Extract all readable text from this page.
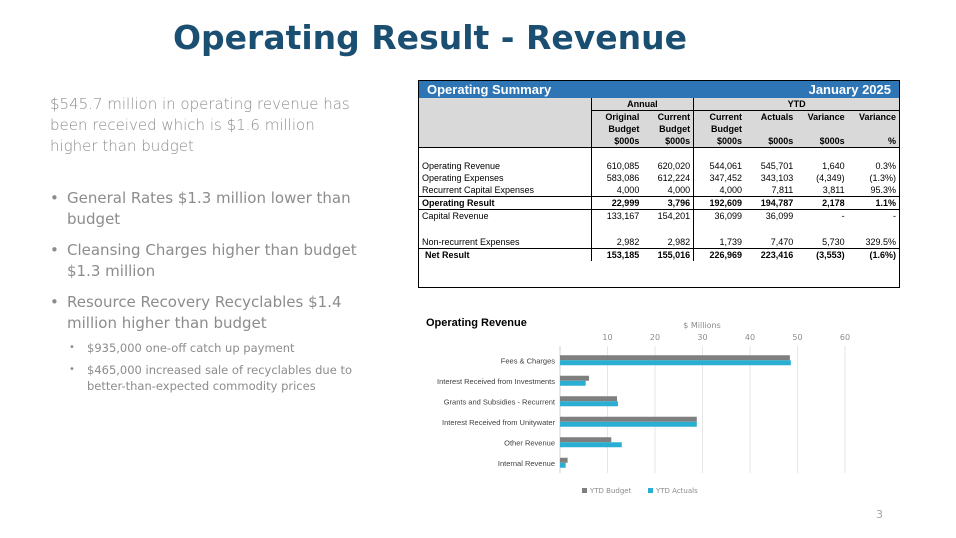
Operating Result - Revenue
$545.7 million in operating revenue has been received which is $1.6 million higher than budget
• General Rates $1.3 million lower than budget
• Cleansing Charges higher than budget $1.3 million
• Resource Recovery Recyclables $1.4 million higher than budget
• $935,000 one-off catch up payment
• $465,000 increased sale of recyclables due to better-than-expected commodity prices
Operating Summary	January 2025
	Annual		YTD			
	Original	Current	Current	Actuals	Variance	Variance
	Budget	Budget	Budget			
	$000s	$000s	$000s	$000s	$000s	%

Operating Revenue	610,085	620,020	544,061	545,701	1,640	0.3%
Operating Expenses	583,086	612,224	347,452	343,103	(4,349)	(1.3%)
Recurrent Capital Expenses	4,000	4,000	4,000	7,811	3,811	95.3%
Operating Result	22,999	3,796	192,609	194,787	2,178	1.1%
Capital Revenue	133,167	154,201	36,099	36,099	-	-

Non-recurrent Expenses	2,982	2,982	1,739	7,470	5,730	329.5%
Net Result	153,185	155,016	226,969	223,416	(3,553)	(1.6%)
Operating Revenue	$ Millions
10	20	30	40	50	60
Fees & Charges
Interest Received from Investments
Grants and Subsidies - Recurrent
Interest Received from Unitywater
Other Revenue
Internal Revenue
YTD Budget	YTD Actuals
3
